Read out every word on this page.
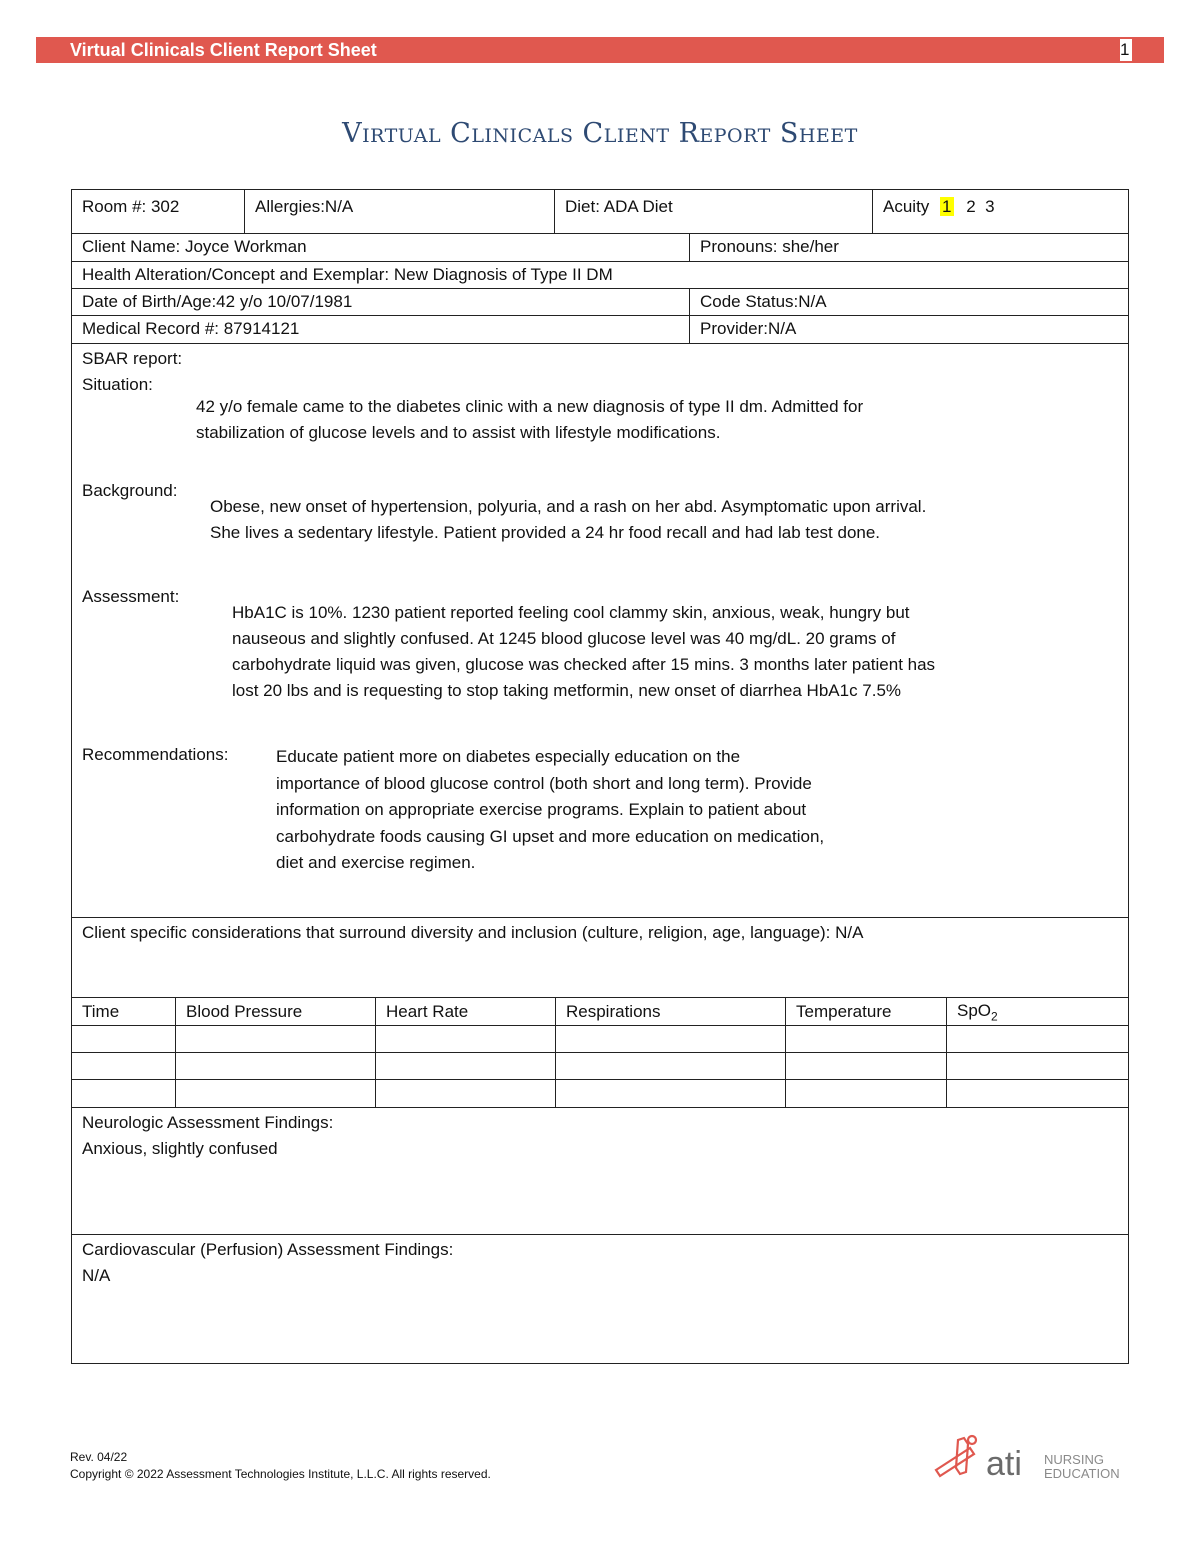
Virtual Clinicals Client Report Sheet	1
Virtual Clinicals Client Report Sheet
Room #: 302	Allergies:N/A	Diet: ADA Diet	Acuity 1 2  3
Client Name: Joyce Workman	Pronouns: she/her
Health Alteration/Concept and Exemplar: New Diagnosis of Type II DM
Date of Birth/Age:42 y/o 10/07/1981	Code Status:N/A
Medical Record #: 87914121	Provider:N/A
SBAR report:
Situation:
42 y/o female came to the diabetes clinic with a new diagnosis of type II dm. Admitted for
stabilization of glucose levels and to assist with lifestyle modifications.
Background:
Obese, new onset of hypertension, polyuria, and a rash on her abd. Asymptomatic upon arrival.
She lives a sedentary lifestyle. Patient provided a 24 hr food recall and had lab test done.
Assessment:
HbA1C is 10%. 1230 patient reported feeling cool clammy skin, anxious, weak, hungry but
nauseous and slightly confused. At 1245 blood glucose level was 40 mg/dL. 20 grams of
carbohydrate liquid was given, glucose was checked after 15 mins. 3 months later patient has
lost 20 lbs and is requesting to stop taking metformin, new onset of diarrhea HbA1c 7.5%
Recommendations:	Educate patient more on diabetes especially education on the
importance of blood glucose control (both short and long term). Provide
information on appropriate exercise programs. Explain to patient about
carbohydrate foods causing GI upset and more education on medication,
diet and exercise regimen.
Client specific considerations that surround diversity and inclusion (culture, religion, age, language): N/A
Time	Blood Pressure	Heart Rate	Respirations	Temperature	SpO$_2$
Neurologic Assessment Findings:
Anxious, slightly confused
Cardiovascular (Perfusion) Assessment Findings:
N/A
Rev. 04/22
Copyright © 2022 Assessment Technologies Institute, L.L.C. All rights reserved.	ati NURSING
EDUCATION
